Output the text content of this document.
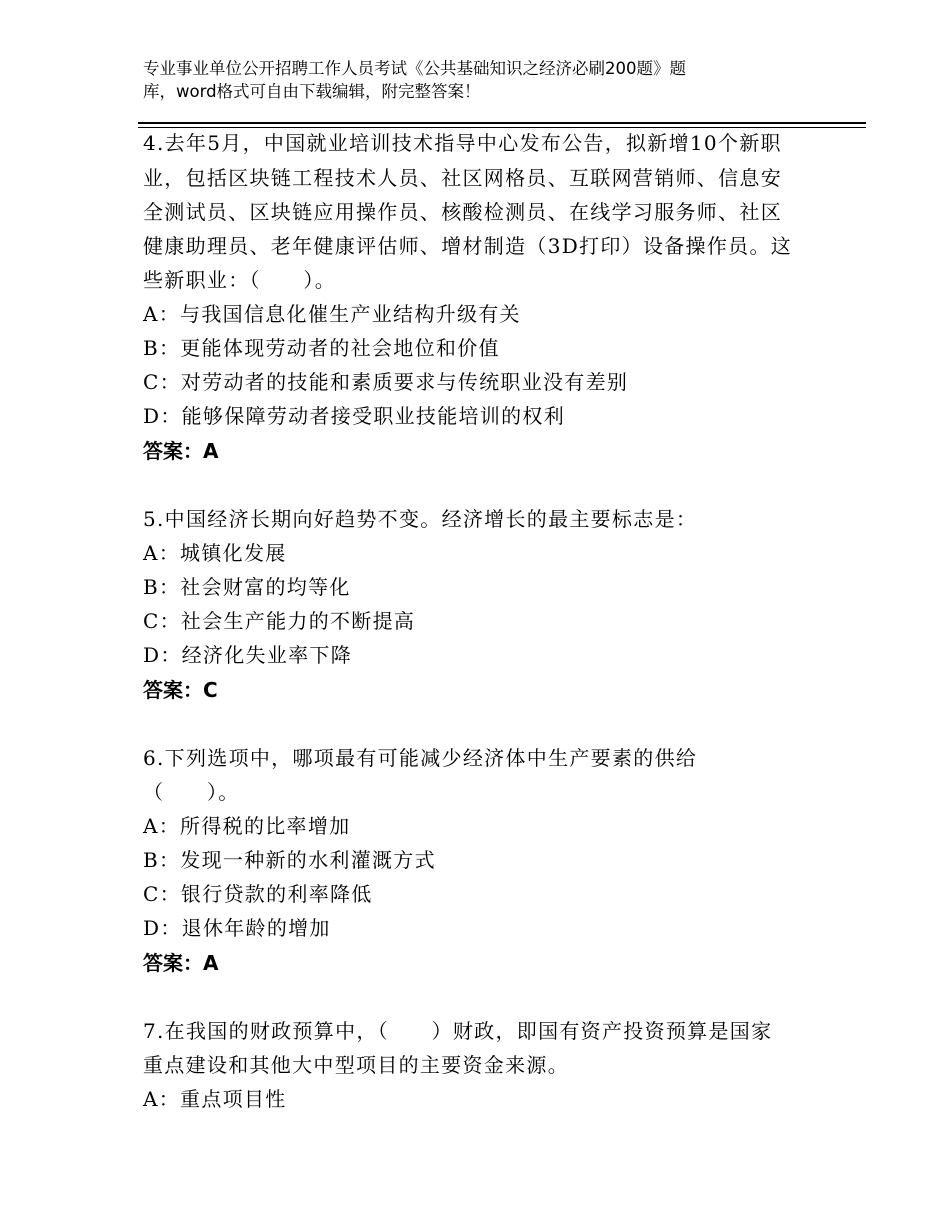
专业事业单位公开招聘工作人员考试《公共基础知识之经济必刷200题》题
库，word格式可自由下载编辑，附完整答案！
4.去年5月，中国就业培训技术指导中心发布公告，拟新增10个新职
业，包括区块链工程技术人员、社区网格员、互联网营销师、信息安
全测试员、区块链应用操作员、核酸检测员、在线学习服务师、社区
健康助理员、老年健康评估师、增材制造（3D打印）设备操作员。这
些新职业：（　　）。
A：与我国信息化催生产业结构升级有关
B：更能体现劳动者的社会地位和价值
C：对劳动者的技能和素质要求与传统职业没有差别
D：能够保障劳动者接受职业技能培训的权利
答案：A
5.中国经济长期向好趋势不变。经济增长的最主要标志是：
A：城镇化发展
B：社会财富的均等化
C：社会生产能力的不断提高
D：经济化失业率下降
答案：C
6.下列选项中，哪项最有可能减少经济体中生产要素的供给
（　　）。
A：所得税的比率增加
B：发现一种新的水利灌溉方式
C：银行贷款的利率降低
D：退休年龄的增加
答案：A
7.在我国的财政预算中，（　　）财政，即国有资产投资预算是国家
重点建设和其他大中型项目的主要资金来源。
A：重点项目性
